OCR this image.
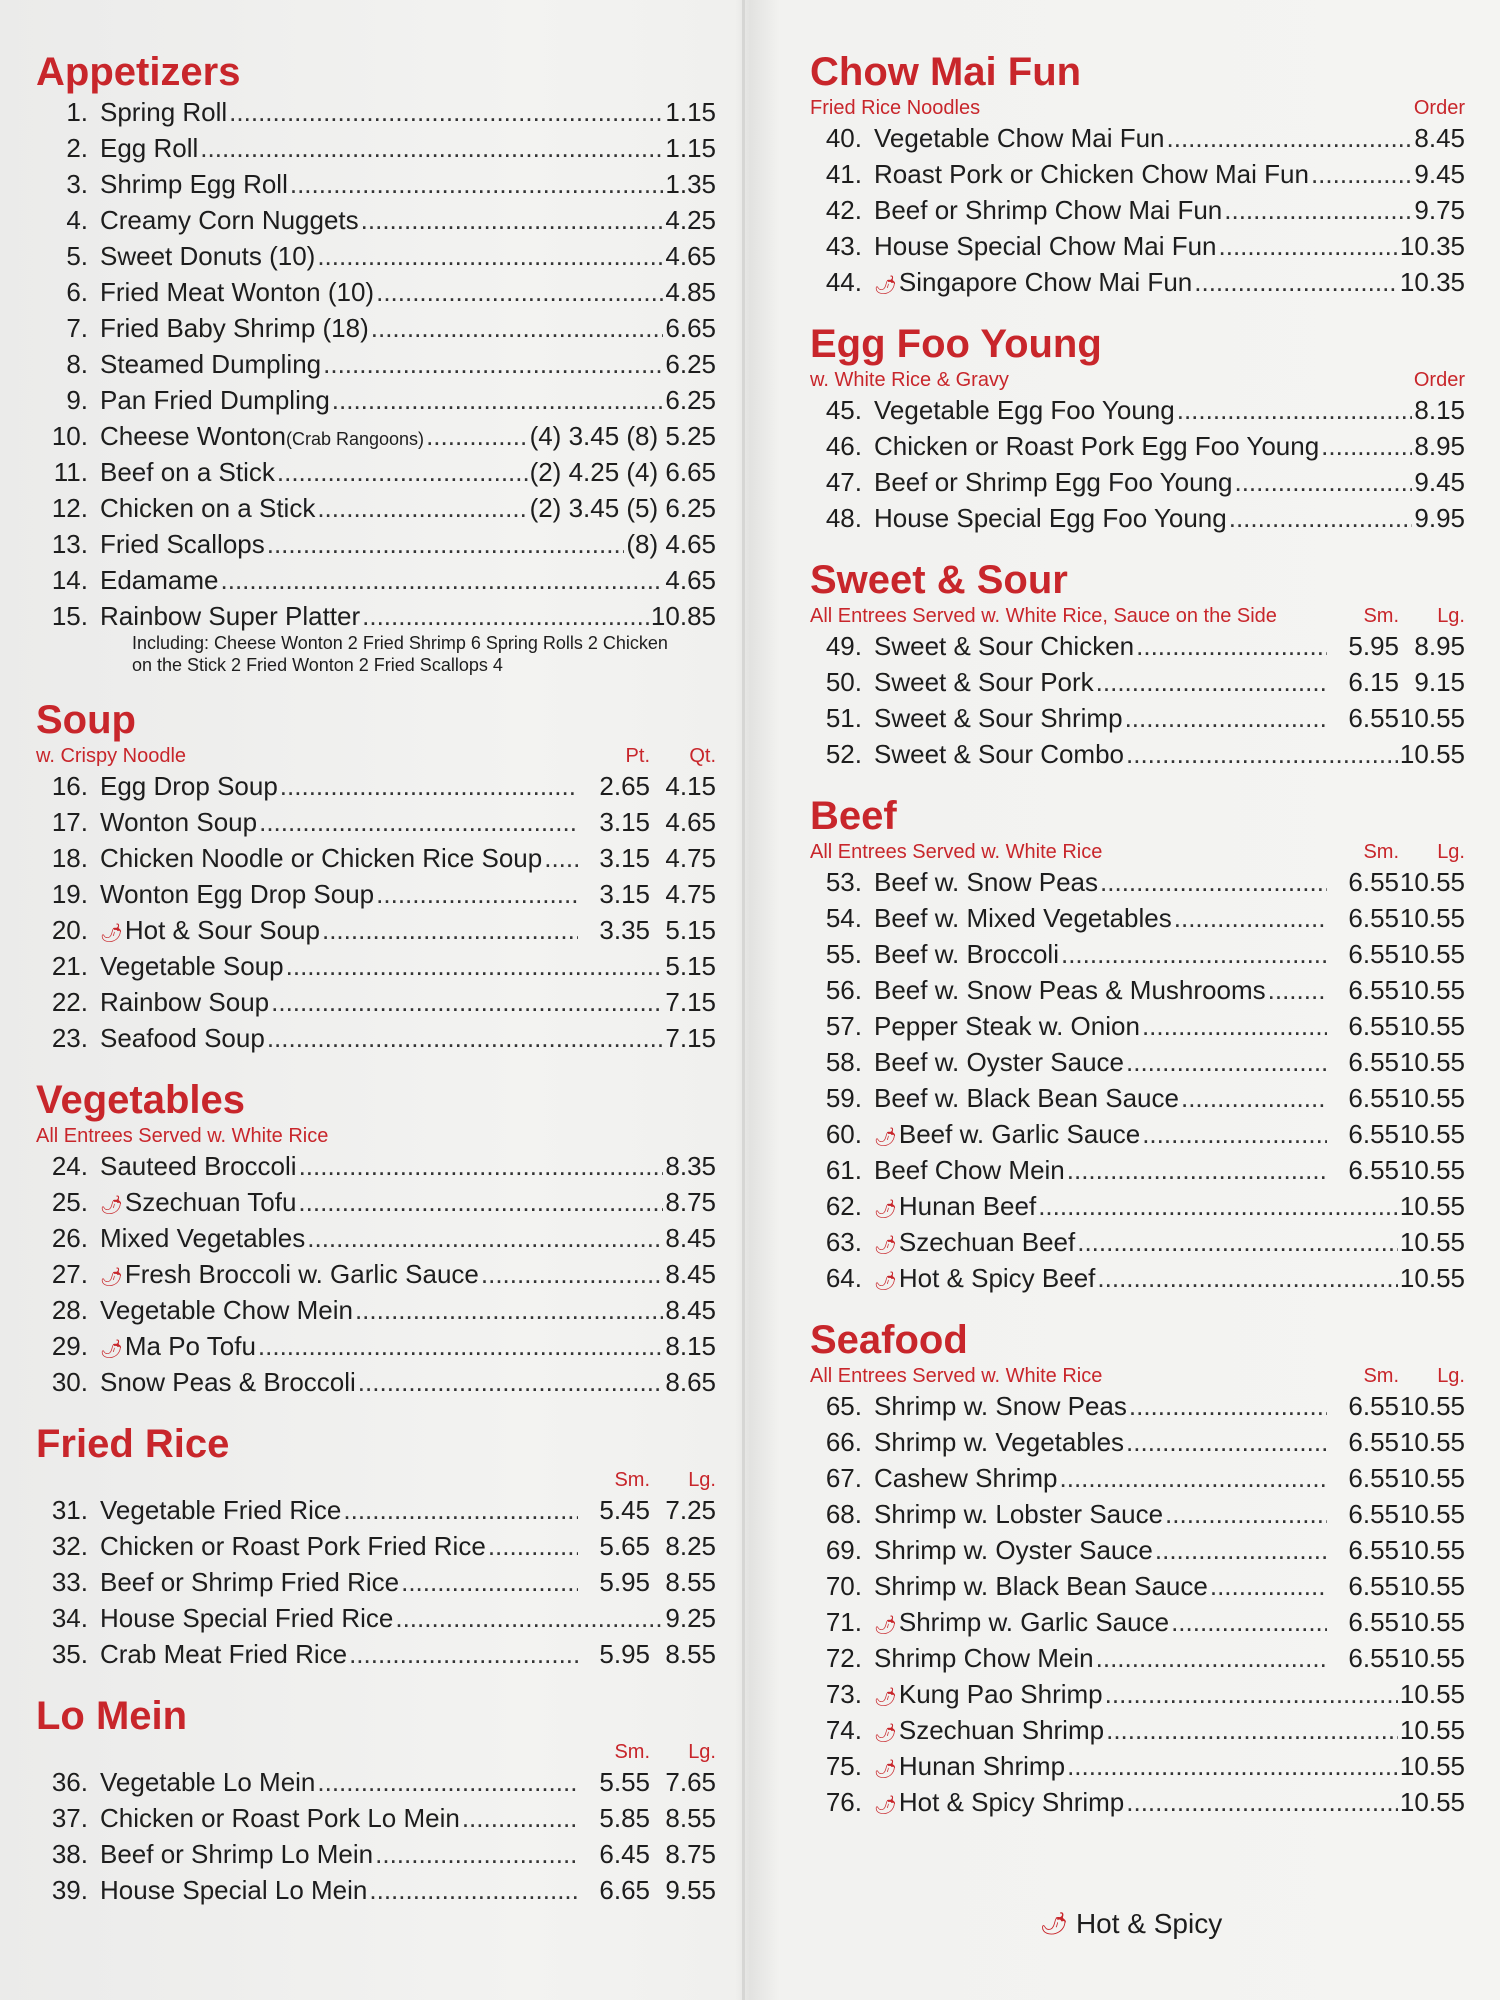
Appetizers
1. Spring Roll .....	1.15
2. Egg Roll .....	1.15
3. Shrimp Egg Roll .....	1.35
4. Creamy Corn Nuggets .....	4.25
5. Sweet Donuts (10) .....	4.65
6. Fried Meat Wonton (10) .....	4.85
7. Fried Baby Shrimp (18) .....	6.65
8. Steamed Dumpling .....	6.25
9. Pan Fried Dumpling .....	6.25
10. Cheese Wonton (Crab Rangoons) .....	(4) 3.45 (8) 5.25
11. Beef on a Stick .....	(2) 4.25 (4) 6.65
12. Chicken on a Stick .....	(2) 3.45 (5) 6.25
13. Fried Scallops .....	(8) 4.65
14. Edamame .....	4.65
15. Rainbow Super Platter .....	10.85
Including: Cheese Wonton 2 Fried Shrimp 6 Spring Rolls 2 Chicken on the Stick 2 Fried Wonton 2 Fried Scallops 4
Soup
w. Crispy Noodle	Pt.	Qt.
16. Egg Drop Soup .....	2.65 4.15
17. Wonton Soup .....	3.15 4.65
18. Chicken Noodle or Chicken Rice Soup .....	3.15 4.75
19. Wonton Egg Drop Soup .....	3.15 4.75
20. 🌶︎ Hot & Sour Soup .....	3.35 5.15
21. Vegetable Soup .....	5.15
22. Rainbow Soup .....	7.15
23. Seafood Soup .....	7.15
Vegetables
All Entrees Served w. White Rice
24. Sauteed Broccoli .....	8.35
25. 🌶︎ Szechuan Tofu .....	8.75
26. Mixed Vegetables .....	8.45
27. 🌶︎ Fresh Broccoli w. Garlic Sauce .....	8.45
28. Vegetable Chow Mein .....	8.45
29. 🌶︎ Ma Po Tofu .....	8.15
30. Snow Peas & Broccoli .....	8.65
Fried Rice
Sm.	Lg.
31. Vegetable Fried Rice .....	5.45 7.25
32. Chicken or Roast Pork Fried Rice .....	5.65 8.25
33. Beef or Shrimp Fried Rice .....	5.95 8.55
34. House Special Fried Rice .....	9.25
35. Crab Meat Fried Rice .....	5.95 8.55
Lo Mein
Sm.	Lg.
36. Vegetable Lo Mein .....	5.55 7.65
37. Chicken or Roast Pork Lo Mein .....	5.85 8.55
38. Beef or Shrimp Lo Mein .....	6.45 8.75
39. House Special Lo Mein .....	6.65 9.55
Chow Mai Fun
Fried Rice Noodles	Order
40. Vegetable Chow Mai Fun .....	8.45
41. Roast Pork or Chicken Chow Mai Fun .....	9.45
42. Beef or Shrimp Chow Mai Fun .....	9.75
43. House Special Chow Mai Fun .....	10.35
44. 🌶︎ Singapore Chow Mai Fun .....	10.35
Egg Foo Young
w. White Rice & Gravy	Order
45. Vegetable Egg Foo Young .....	8.15
46. Chicken or Roast Pork Egg Foo Young .....	8.95
47. Beef or Shrimp Egg Foo Young .....	9.45
48. House Special Egg Foo Young .....	9.95
Sweet & Sour
All Entrees Served w. White Rice, Sauce on the Side	Sm.	Lg.
49. Sweet & Sour Chicken .....	5.95 8.95
50. Sweet & Sour Pork .....	6.15 9.15
51. Sweet & Sour Shrimp .....	6.55 10.55
52. Sweet & Sour Combo .....	10.55
Beef
All Entrees Served w. White Rice	Sm.	Lg.
53. Beef w. Snow Peas .....	6.55 10.55
54. Beef w. Mixed Vegetables .....	6.55 10.55
55. Beef w. Broccoli .....	6.55 10.55
56. Beef w. Snow Peas & Mushrooms .....	6.55 10.55
57. Pepper Steak w. Onion .....	6.55 10.55
58. Beef w. Oyster Sauce .....	6.55 10.55
59. Beef w. Black Bean Sauce .....	6.55 10.55
60. 🌶︎ Beef w. Garlic Sauce .....	6.55 10.55
61. Beef Chow Mein .....	6.55 10.55
62. 🌶︎ Hunan Beef .....	10.55
63. 🌶︎ Szechuan Beef .....	10.55
64. 🌶︎ Hot & Spicy Beef .....	10.55
Seafood
All Entrees Served w. White Rice	Sm.	Lg.
65. Shrimp w. Snow Peas .....	6.55 10.55
66. Shrimp w. Vegetables .....	6.55 10.55
67. Cashew Shrimp .....	6.55 10.55
68. Shrimp w. Lobster Sauce .....	6.55 10.55
69. Shrimp w. Oyster Sauce .....	6.55 10.55
70. Shrimp w. Black Bean Sauce .....	6.55 10.55
71. 🌶︎ Shrimp w. Garlic Sauce .....	6.55 10.55
72. Shrimp Chow Mein .....	6.55 10.55
73. 🌶︎ Kung Pao Shrimp .....	10.55
74. 🌶︎ Szechuan Shrimp .....	10.55
75. 🌶︎ Hunan Shrimp .....	10.55
76. 🌶︎ Hot & Spicy Shrimp .....	10.55
🌶︎ Hot & Spicy
